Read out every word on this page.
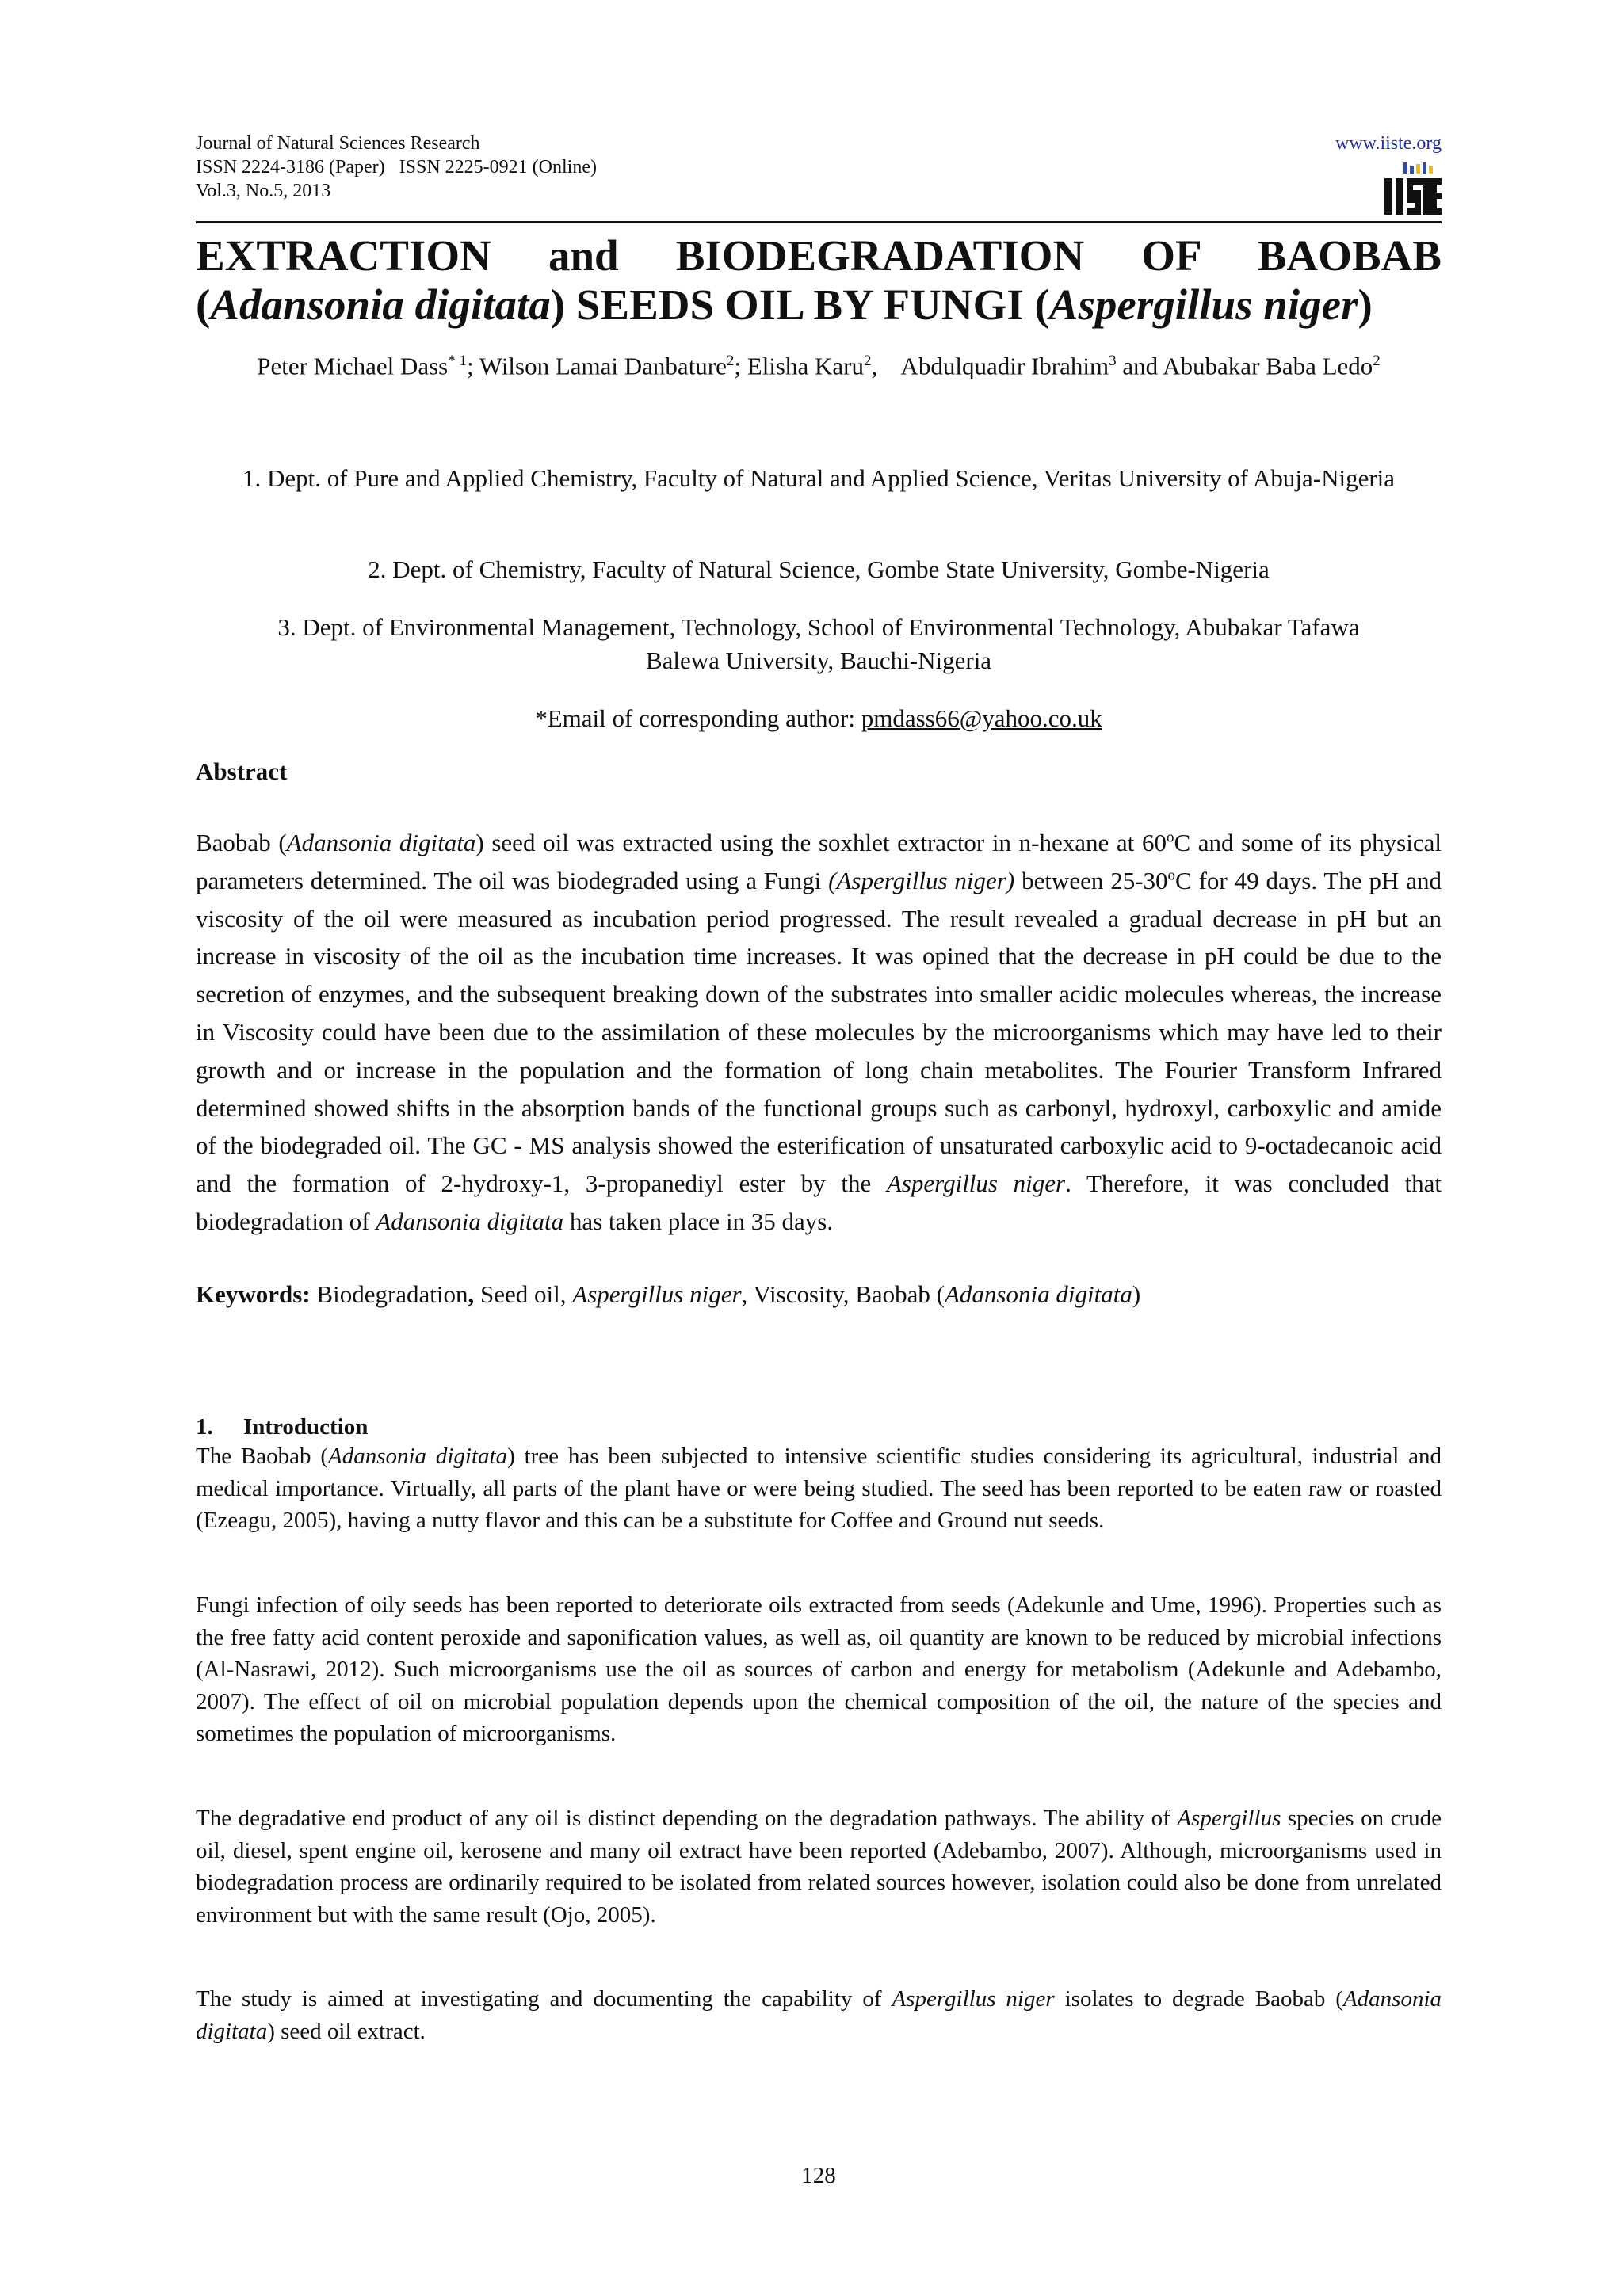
Journal of Natural Sciences Research
ISSN 2224-3186 (Paper)   ISSN 2225-0921 (Online)
Vol.3, No.5, 2013
www.iiste.org
EXTRACTION and BIODEGRADATION OF BAOBAB
(Adansonia digitata) SEEDS OIL BY FUNGI (Aspergillus niger)

Peter Michael Dass$^{* 1}$; Wilson Lamai Danbature$^2$; Elisha Karu$^2$,    Abdulquadir Ibrahim$^3$ and Abubakar Baba Ledo$^2$

1. Dept. of Pure and Applied Chemistry, Faculty of Natural and Applied Science, Veritas University of Abuja-Nigeria

2. Dept. of Chemistry, Faculty of Natural Science, Gombe State University, Gombe-Nigeria

3. Dept. of Environmental Management, Technology, School of Environmental Technology, Abubakar Tafawa Balewa University, Bauchi-Nigeria

*Email of corresponding author: pmdass66@yahoo.co.uk

Abstract

Baobab (Adansonia digitata) seed oil was extracted using the soxhlet extractor in n-hexane at 60$^o$C and some of its physical parameters determined. The oil was biodegraded using a Fungi (Aspergillus niger) between 25-30$^o$C for 49 days. The pH and viscosity of the oil were measured as incubation period progressed. The result revealed a gradual decrease in pH but an increase in viscosity of the oil as the incubation time increases. It was opined that the decrease in pH could be due to the secretion of enzymes, and the subsequent breaking down of the substrates into smaller acidic molecules whereas, the increase in Viscosity could have been due to the assimilation of these molecules by the microorganisms which may have led to their growth and or increase in the population and the formation of long chain metabolites. The Fourier Transform Infrared determined showed shifts in the absorption bands of the functional groups such as carbonyl, hydroxyl, carboxylic and amide of the biodegraded oil. The GC - MS analysis showed the esterification of unsaturated carboxylic acid to 9-octadecanoic acid and the formation of 2-hydroxy-1, 3-propanediyl ester by the Aspergillus niger. Therefore, it was concluded that biodegradation of Adansonia digitata has taken place in 35 days.

Keywords: Biodegradation, Seed oil, Aspergillus niger, Viscosity, Baobab (Adansonia digitata)

1. Introduction

The Baobab (Adansonia digitata) tree has been subjected to intensive scientific studies considering its agricultural, industrial and medical importance. Virtually, all parts of the plant have or were being studied. The seed has been reported to be eaten raw or roasted (Ezeagu, 2005), having a nutty flavor and this can be a substitute for Coffee and Ground nut seeds.

Fungi infection of oily seeds has been reported to deteriorate oils extracted from seeds (Adekunle and Ume, 1996). Properties such as the free fatty acid content peroxide and saponification values, as well as, oil quantity are known to be reduced by microbial infections (Al-Nasrawi, 2012). Such microorganisms use the oil as sources of carbon and energy for metabolism (Adekunle and Adebambo, 2007). The effect of oil on microbial population depends upon the chemical composition of the oil, the nature of the species and sometimes the population of microorganisms.

The degradative end product of any oil is distinct depending on the degradation pathways. The ability of Aspergillus species on crude oil, diesel, spent engine oil, kerosene and many oil extract have been reported (Adebambo, 2007). Although, microorganisms used in biodegradation process are ordinarily required to be isolated from related sources however, isolation could also be done from unrelated environment but with the same result (Ojo, 2005).

The study is aimed at investigating and documenting the capability of Aspergillus niger isolates to degrade Baobab (Adansonia digitata) seed oil extract.

128
